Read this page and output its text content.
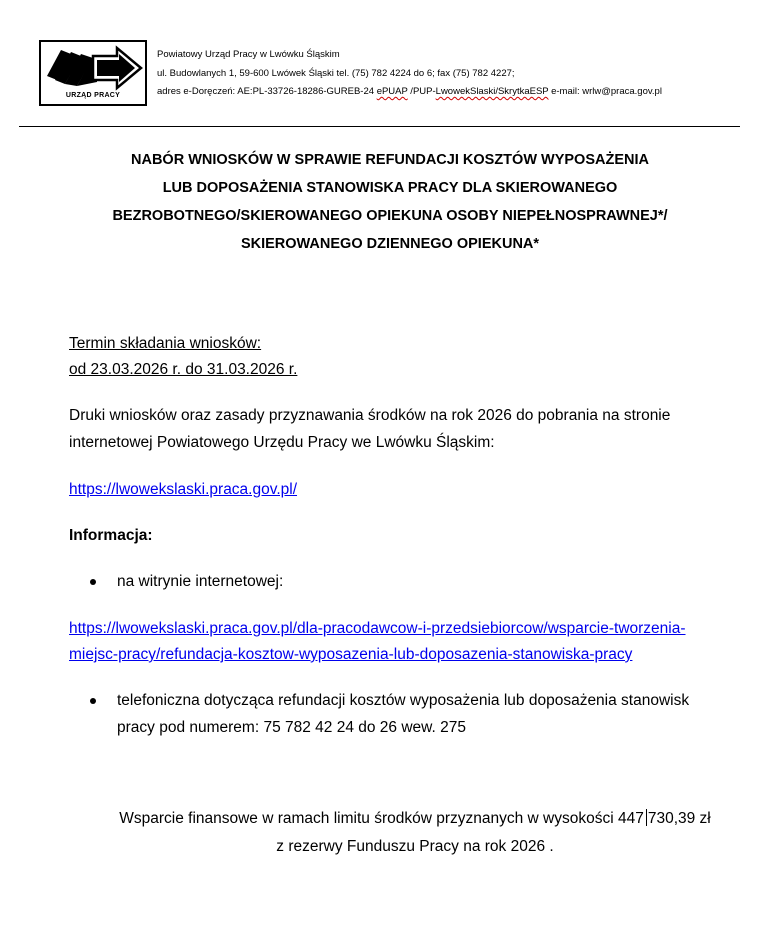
URZĄD PRACY
Powiatowy Urząd Pracy w Lwówku Śląskim
ul. Budowlanych 1, 59-600 Lwówek Śląski tel. (75) 782 4224 do 6; fax (75) 782 4227;
adres e-Doręczeń: AE:PL-33726-18286-GUREB-24 ePUAP /PUP-LwowekSlaski/SkrytkaESP e-mail: wrlw@praca.gov.pl
NABÓR WNIOSKÓW W SPRAWIE REFUNDACJI KOSZTÓW WYPOSAŻENIA
LUB DOPOSAŻENIA STANOWISKA PRACY DLA SKIEROWANEGO
BEZROBOTNEGO/SKIEROWANEGO OPIEKUNA OSOBY NIEPEŁNOSPRAWNEJ*/
SKIEROWANEGO DZIENNEGO OPIEKUNA*
Termin składania wniosków:
od 23.03.2026 r. do 31.03.2026 r.
Druki wniosków oraz zasady przyznawania środków na rok 2026 do pobrania na stronie
internetowej Powiatowego Urzędu Pracy we Lwówku Śląskim:
https://lwowekslaski.praca.gov.pl/
Informacja:
na witrynie internetowej:
https://lwowekslaski.praca.gov.pl/dla-pracodawcow-i-przedsiebiorcow/wsparcie-tworzenia-
miejsc-pracy/refundacja-kosztow-wyposazenia-lub-doposazenia-stanowiska-pracy
telefoniczna dotycząca refundacji kosztów wyposażenia lub doposażenia stanowisk
pracy pod numerem: 75 782 42 24 do 26 wew. 275
Wsparcie finansowe w ramach limitu środków przyznanych w wysokości 447 730,39 zł
z rezerwy Funduszu Pracy na rok 2026 .
